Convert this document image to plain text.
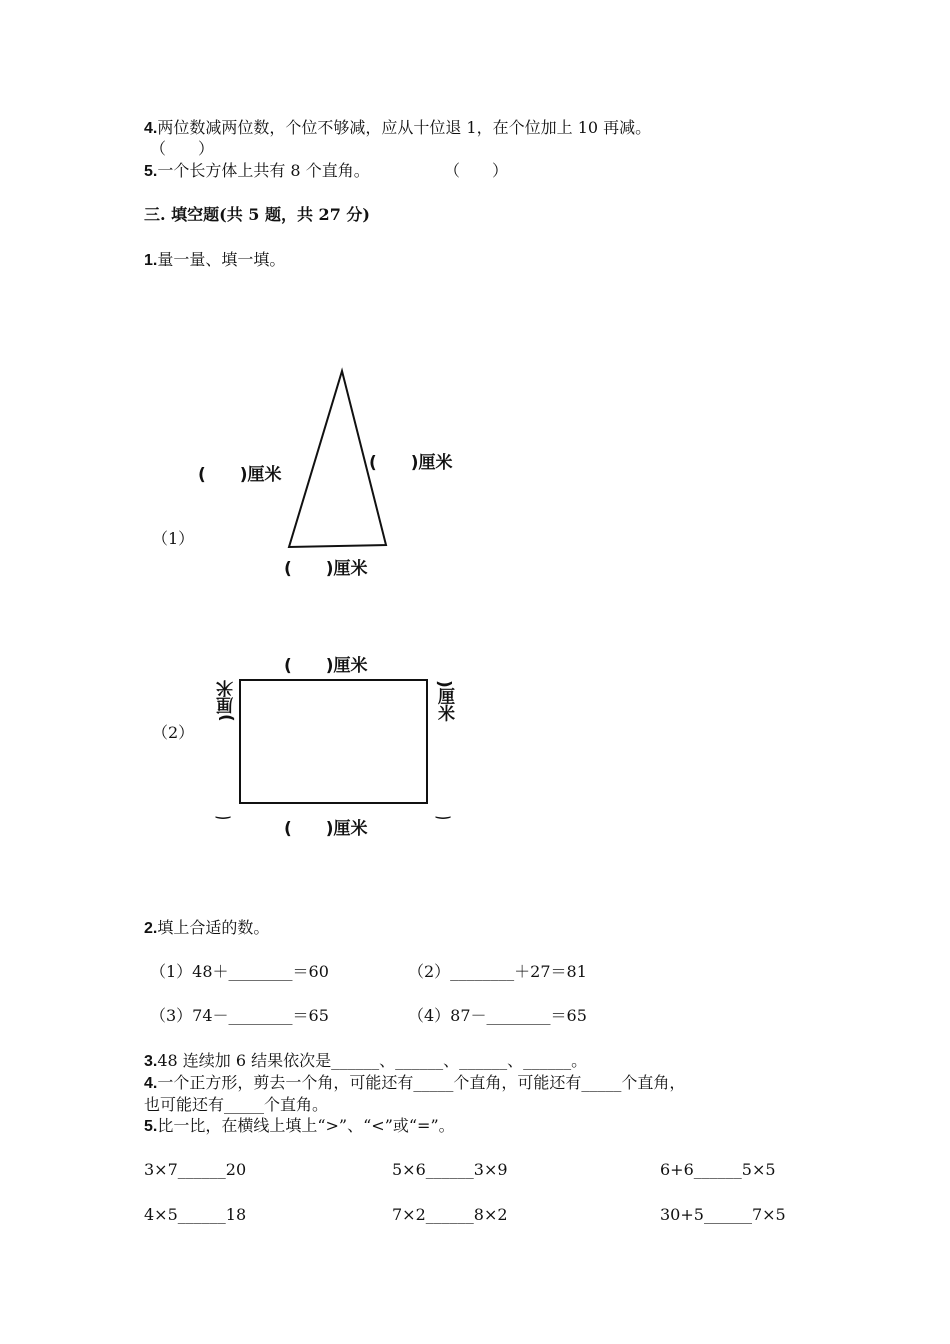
4.两位数减两位数，个位不够减，应从十位退 1，在个位加上 10 再减。
（　　）
5.一个长方体上共有 8 个直角。	（　　）
三. 填空题(共 5 题，共 27 分)
1.量一量、填一填。
（1）
(　　)厘米
(　　)厘米
(　　)厘米
（2）
(　　)厘米
(　　)厘米
)厘米	)厘米
‿	‿
2.填上合适的数。
（1）48＋________＝60	（2）________＋27＝81
（3）74－________＝65	（4）87－________＝65
3.48 连续加 6 结果依次是______、______、______、______。
4.一个正方形，剪去一个角，可能还有_____个直角，可能还有_____个直角，
也可能还有_____个直角。
5.比一比，在横线上填上“>”、“<”或“=”。
3×7______20	5×6______3×9	6+6______5×5
4×5______18	7×2______8×2	30+5______7×5
